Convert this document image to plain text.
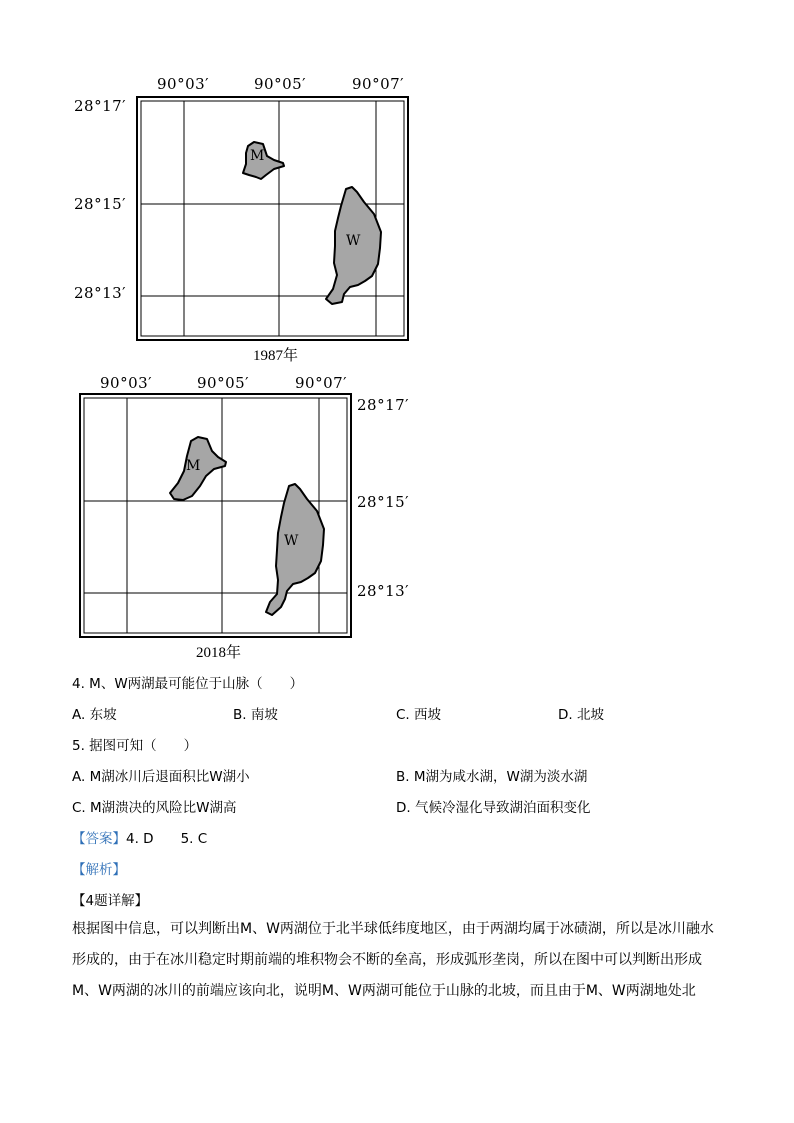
M
W
90°03′	90°05′	90°07′
28°17′
28°15′
28°13′
1987年
M
W
90°03′	90°05′	90°07′
28°17′
28°15′
28°13′
2018年
4. M、W两湖最可能位于山脉（　　）
A. 东坡	B. 南坡	C. 西坡	D. 北坡
5. 据图可知（　　）
A. M湖冰川后退面积比W湖小	B. M湖为咸水湖，W湖为淡水湖
C. M湖溃决的风险比W湖高	D. 气候冷湿化导致湖泊面积变化
【答案】4. D　　5. C
【解析】
【4题详解】
根据图中信息，可以判断出M、W两湖位于北半球低纬度地区，由于两湖均属于冰碛湖，所以是冰川融水
形成的，由于在冰川稳定时期前端的堆积物会不断的垒高，形成弧形垄岗，所以在图中可以判断出形成
M、W两湖的冰川的前端应该向北，说明M、W两湖可能位于山脉的北坡，而且由于M、W两湖地处北
